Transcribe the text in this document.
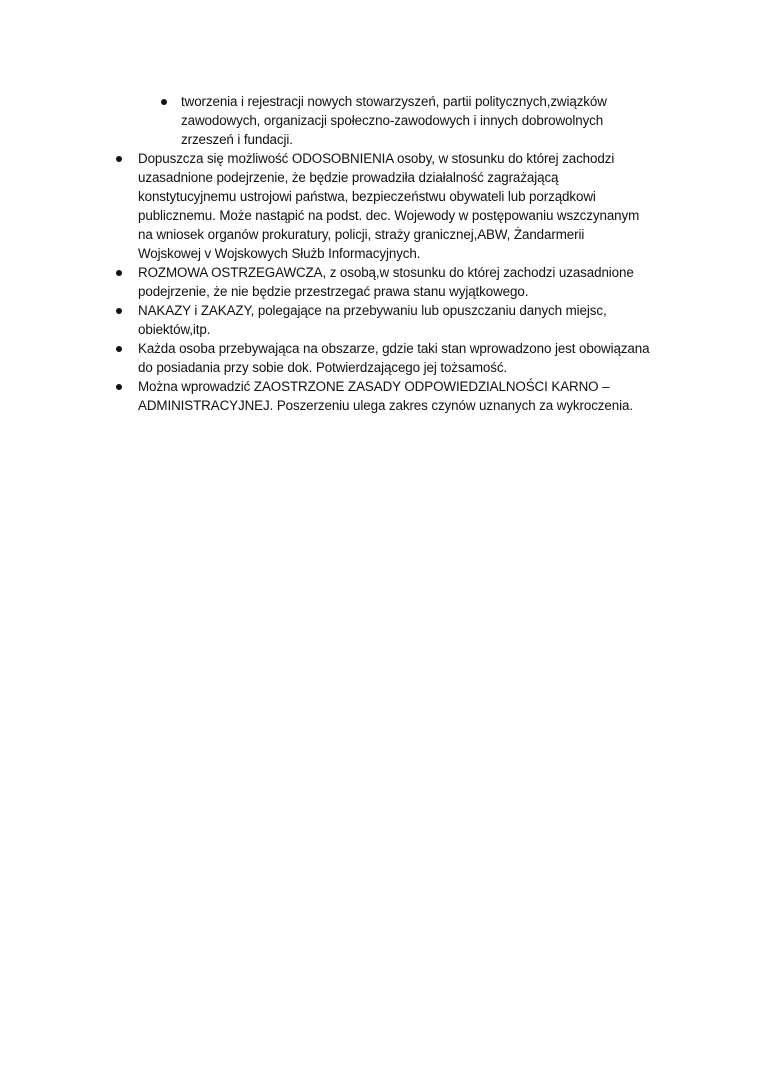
tworzenia i rejestracji nowych stowarzyszeń, partii politycznych,związków
zawodowych, organizacji społeczno-zawodowych i innych dobrowolnych
zrzeszeń i fundacji.
Dopuszcza się możliwość ODOSOBNIENIA osoby, w stosunku do której zachodzi
uzasadnione podejrzenie, że będzie prowadziła działalność zagrażającą
konstytucyjnemu ustrojowi państwa, bezpieczeństwu obywateli lub porządkowi
publicznemu. Może nastąpić na podst. dec. Wojewody w postępowaniu wszczynanym
na wniosek organów prokuratury, policji, straży granicznej,ABW, Żandarmerii
Wojskowej v Wojskowych Służb Informacyjnych.
ROZMOWA OSTRZEGAWCZA, z osobą,w stosunku do której zachodzi uzasadnione
podejrzenie, że nie będzie przestrzegać prawa stanu wyjątkowego.
NAKAZY i ZAKAZY, polegające na przebywaniu lub opuszczaniu danych miejsc,
obiektów,itp.
Każda osoba przebywająca na obszarze, gdzie taki stan wprowadzono jest obowiązana
do posiadania przy sobie dok. Potwierdzającego jej tożsamość.
Można wprowadzić ZAOSTRZONE ZASADY ODPOWIEDZIALNOŚCI KARNO –
ADMINISTRACYJNEJ. Poszerzeniu ulega zakres czynów uznanych za wykroczenia.
